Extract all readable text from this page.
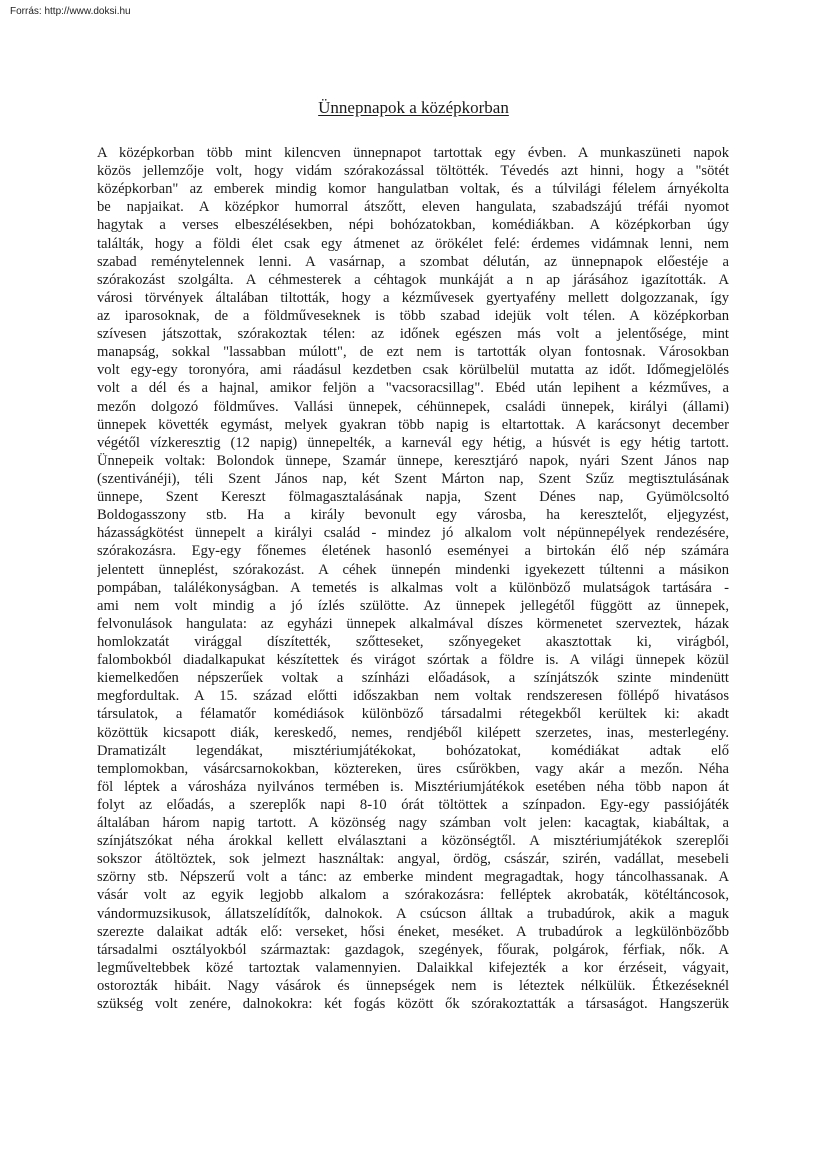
Forrás: http://www.doksi.hu
Ünnepnapok a középkorban
A középkorban több mint kilencven ünnepnapot tartottak egy évben. A munkaszüneti napok
közös jellemzője volt, hogy vidám szórakozással töltötték. Tévedés azt hinni, hogy a "sötét
középkorban" az emberek mindig komor hangulatban voltak, és a túlvilági félelem árnyékolta
be napjaikat. A középkor humorral átszőtt, eleven hangulata, szabadszájú tréfái nyomot
hagytak a verses elbeszélésekben, népi bohózatokban, komédiákban. A középkorban úgy
találták, hogy a földi élet csak egy átmenet az örökélet felé: érdemes vidámnak lenni, nem
szabad reménytelennek lenni. A vasárnap, a szombat délután, az ünnepnapok előestéje a
szórakozást szolgálta. A céhmesterek a céhtagok munkáját a n ap járásához igazították. A
városi törvények általában tiltották, hogy a kézművesek gyertyafény mellett dolgozzanak, így
az iparosoknak, de a földműveseknek is több szabad idejük volt télen. A középkorban
szívesen játszottak, szórakoztak télen: az időnek egészen más volt a jelentősége, mint
manapság, sokkal "lassabban múlott", de ezt nem is tartották olyan fontosnak. Városokban
volt egy-egy toronyóra, ami ráadásul kezdetben csak körülbelül mutatta az időt. Időmegjelölés
volt a dél és a hajnal, amikor feljön a "vacsoracsillag". Ebéd után lepihent a kézműves, a
mezőn dolgozó földműves. Vallási ünnepek, céhünnepek, családi ünnepek, királyi (állami)
ünnepek követték egymást, melyek gyakran több napig is eltartottak. A karácsonyt december
végétől vízkeresztig (12 napig) ünnepelték, a karnevál egy hétig, a húsvét is egy hétig tartott.
Ünnepeik voltak: Bolondok ünnepe, Szamár ünnepe, keresztjáró napok, nyári Szent János nap
(szentivánéji), téli Szent János nap, két Szent Márton nap, Szent Szűz megtisztulásának
ünnepe, Szent Kereszt fölmagasztalásának napja, Szent Dénes nap, Gyümölcsoltó
Boldogasszony stb. Ha a király bevonult egy városba, ha keresztelőt, eljegyzést,
házasságkötést ünnepelt a királyi család - mindez jó alkalom volt népünnepélyek rendezésére,
szórakozásra. Egy-egy főnemes életének hasonló eseményei a birtokán élő nép számára
jelentett ünneplést, szórakozást. A céhek ünnepén mindenki igyekezett túltenni a másikon
pompában, találékonyságban. A temetés is alkalmas volt a különböző mulatságok tartására -
ami nem volt mindig a jó ízlés szülötte. Az ünnepek jellegétől függött az ünnepek,
felvonulások hangulata: az egyházi ünnepek alkalmával díszes körmenetet szerveztek, házak
homlokzatát virággal díszítették, szőtteseket, szőnyegeket akasztottak ki, virágból,
falombokból diadalkapukat készítettek és virágot szórtak a földre is. A világi ünnepek közül
kiemelkedően népszerűek voltak a színházi előadások, a színjátszók szinte mindenütt
megfordultak. A 15. század előtti időszakban nem voltak rendszeresen föllépő hivatásos
társulatok, a félamatőr komédiások különböző társadalmi rétegekből kerültek ki: akadt
közöttük kicsapott diák, kereskedő, nemes, rendjéből kilépett szerzetes, inas, mesterlegény.
Dramatizált legendákat, misztériumjátékokat, bohózatokat, komédiákat adtak elő
templomokban, vásárcsarnokokban, köztereken, üres csűrökben, vagy akár a mezőn. Néha
föl léptek a városháza nyilvános termében is. Misztériumjátékok esetében néha több napon át
folyt az előadás, a szereplők napi 8-10 órát töltöttek a színpadon. Egy-egy passiójáték
általában három napig tartott. A közönség nagy számban volt jelen: kacagtak, kiabáltak, a
színjátszókat néha árokkal kellett elválasztani a közönségtől. A misztériumjátékok szereplői
sokszor átöltöztek, sok jelmezt használtak: angyal, ördög, császár, szirén, vadállat, mesebeli
szörny stb. Népszerű volt a tánc: az emberke mindent megragadtak, hogy táncolhassanak. A
vásár volt az egyik legjobb alkalom a szórakozásra: felléptek akrobaták, kötéltáncosok,
vándormuzsikusok, állatszelídítők, dalnokok. A csúcson álltak a trubadúrok, akik a maguk
szerezte dalaikat adták elő: verseket, hősi éneket, meséket. A trubadúrok a legkülönbözőbb
társadalmi osztályokból származtak: gazdagok, szegények, főurak, polgárok, férfiak, nők. A
legműveltebbek közé tartoztak valamennyien. Dalaikkal kifejezték a kor érzéseit, vágyait,
ostorozták hibáit. Nagy vásárok és ünnepségek nem is léteztek nélkülük. Étkezéseknél
szükség volt zenére, dalnokokra: két fogás között ők szórakoztatták a társaságot. Hangszerük
